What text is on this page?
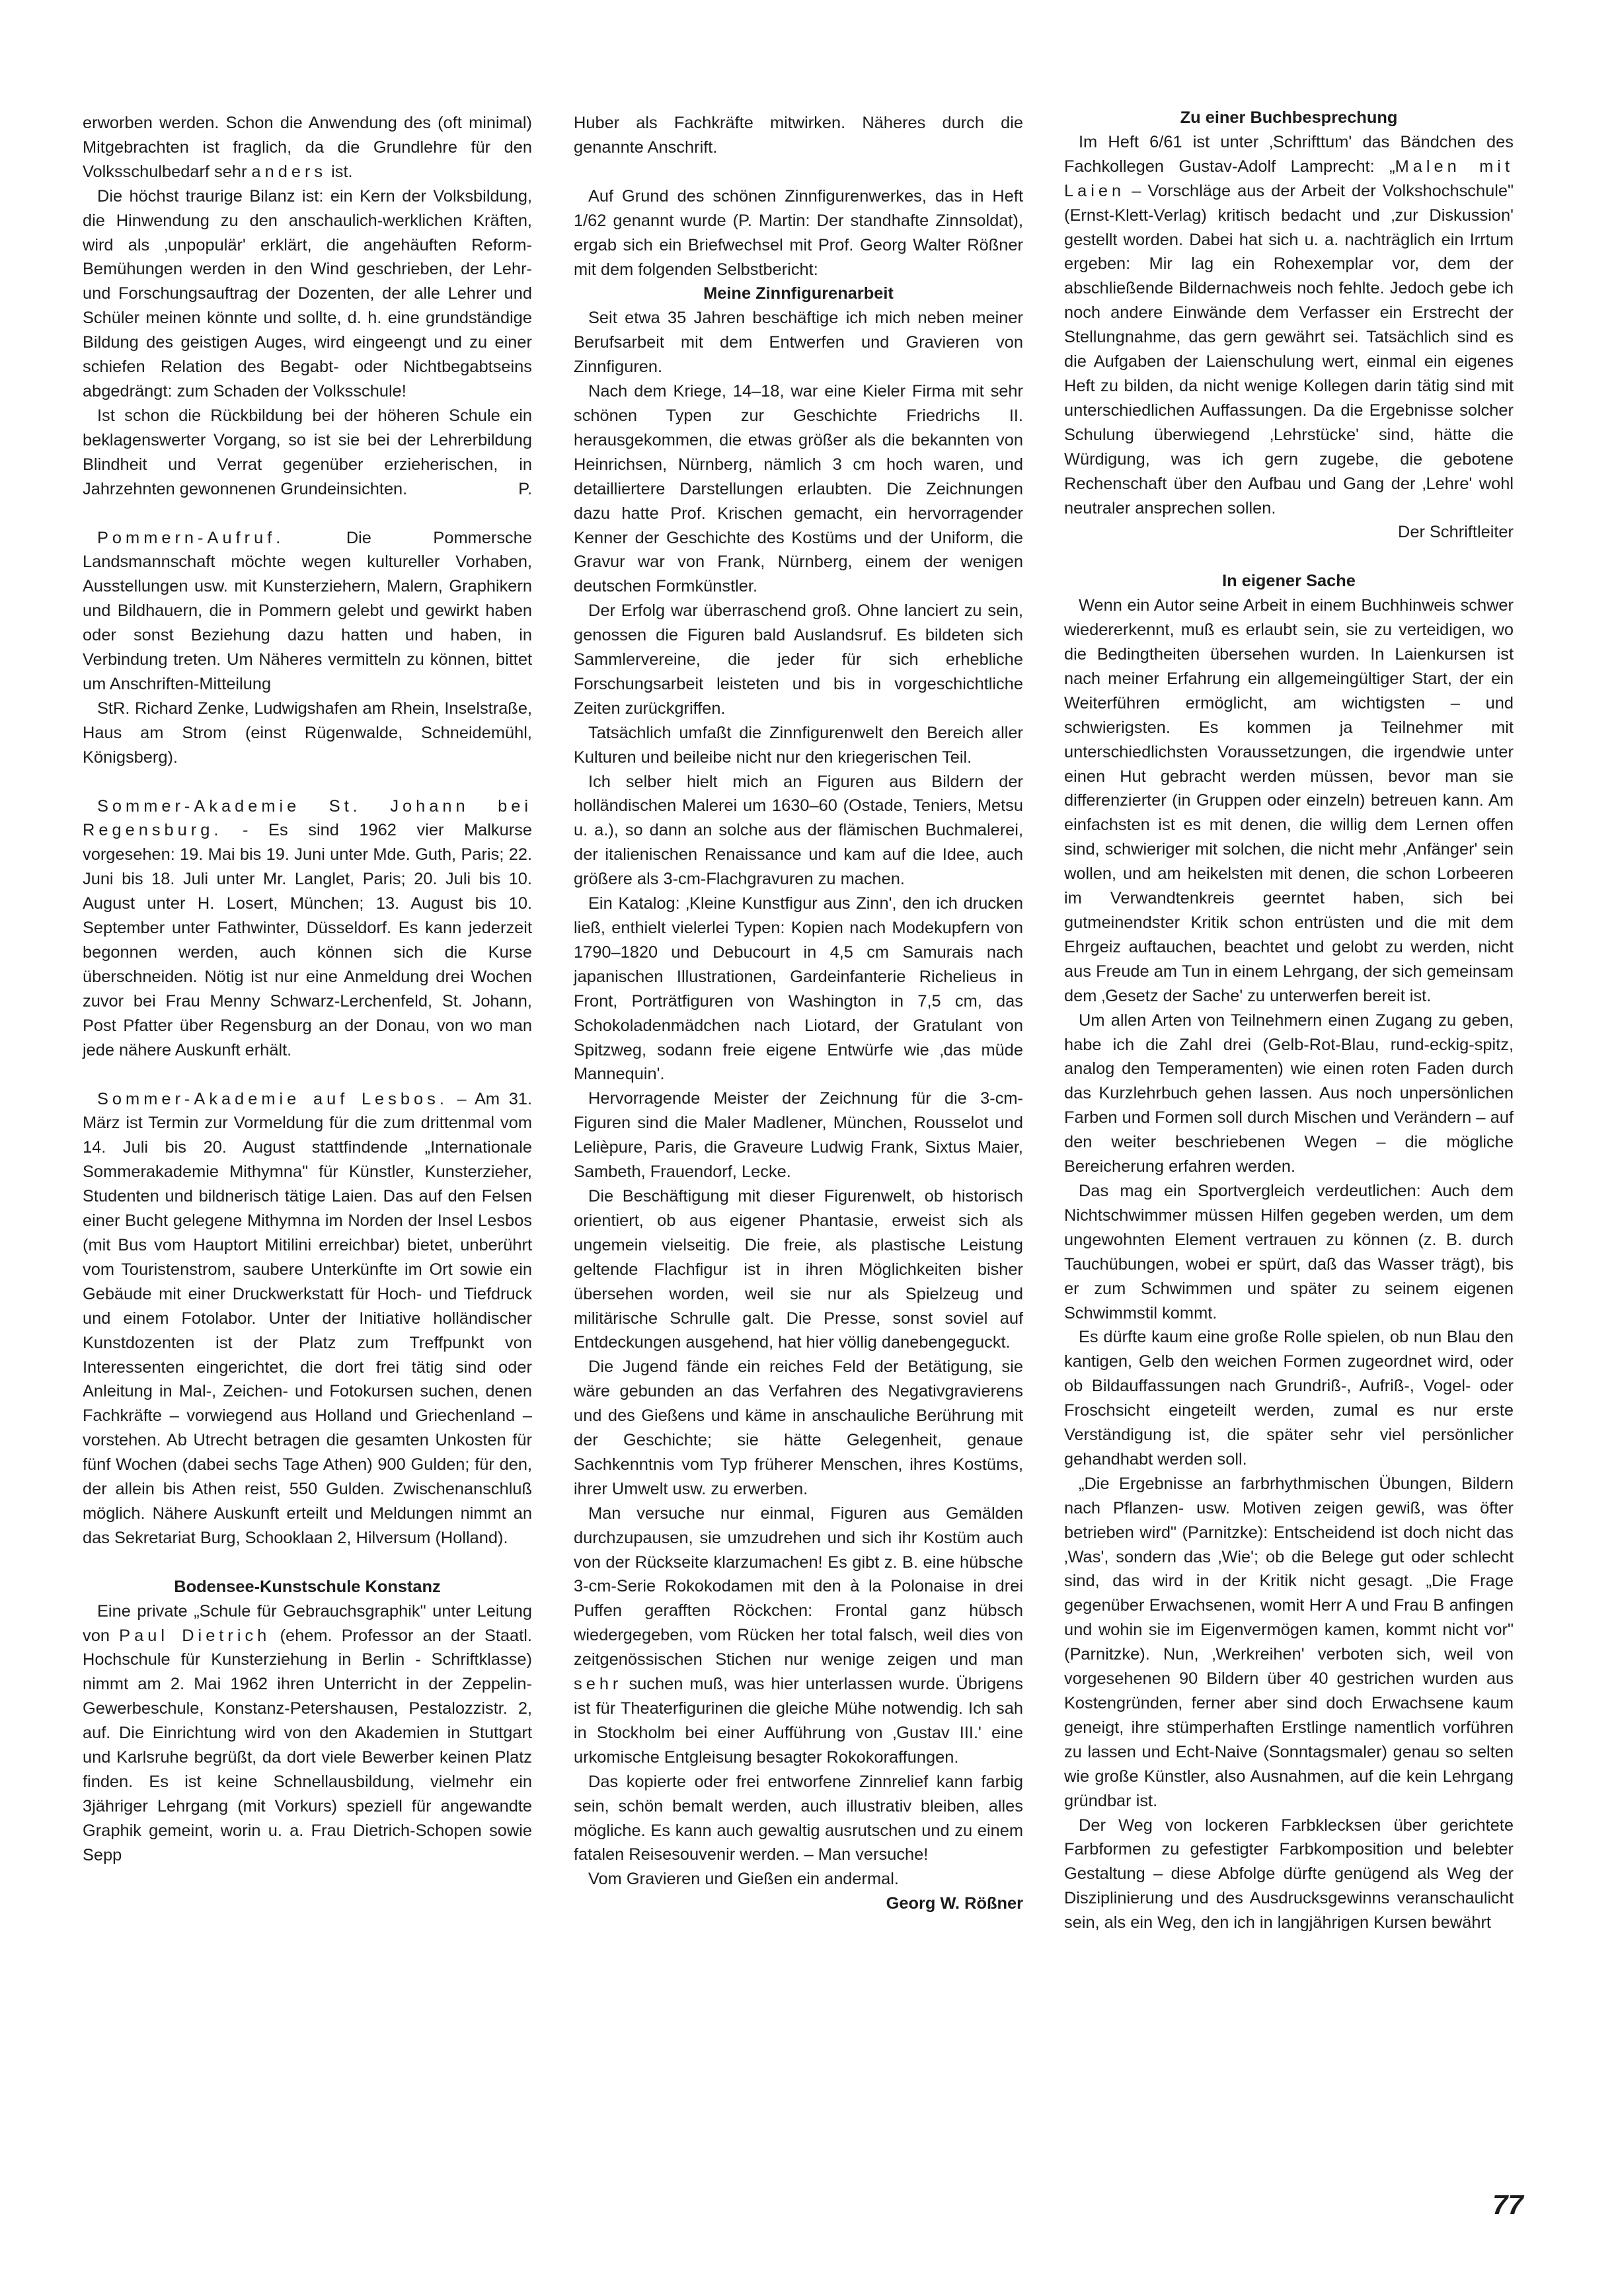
erworben werden. Schon die Anwendung des (oft minimal) Mitgebrachten ist fraglich, da die Grundlehre für den Volksschulbedarf sehr anders ist.

Die höchst traurige Bilanz ist: ein Kern der Volksbildung, die Hinwendung zu den anschaulich-werklichen Kräften, wird als ‚unpopulär' erklärt, die angehäuften Reform-Bemühungen werden in den Wind geschrieben, der Lehr- und Forschungsauftrag der Dozenten, der alle Lehrer und Schüler meinen könnte und sollte, d. h. eine grundständige Bildung des geistigen Auges, wird eingeengt und zu einer schiefen Relation des Begabt- oder Nichtbegabtseins abgedrängt: zum Schaden der Volksschule!

Ist schon die Rückbildung bei der höheren Schule ein beklagenswerter Vorgang, so ist sie bei der Lehrerbildung Blindheit und Verrat gegenüber erzieherischen, in Jahrzehnten gewonnenen Grundeinsichten.	P.

Pommern-Aufruf. Die Pommersche Landsmannschaft möchte wegen kultureller Vorhaben, Ausstellungen usw. mit Kunsterziehern, Malern, Graphikern und Bildhauern, die in Pommern gelebt und gewirkt haben oder sonst Beziehung dazu hatten und haben, in Verbindung treten. Um Näheres vermitteln zu können, bittet um Anschriften-Mitteilung

StR. Richard Zenke, Ludwigshafen am Rhein, Inselstraße, Haus am Strom (einst Rügenwalde, Schneidemühl, Königsberg).

Sommer-Akademie St. Johann bei Regensburg. - Es sind 1962 vier Malkurse vorgesehen: 19. Mai bis 19. Juni unter Mde. Guth, Paris; 22. Juni bis 18. Juli unter Mr. Langlet, Paris; 20. Juli bis 10. August unter H. Losert, München; 13. August bis 10. September unter Fathwinter, Düsseldorf. Es kann jederzeit begonnen werden, auch können sich die Kurse überschneiden. Nötig ist nur eine Anmeldung drei Wochen zuvor bei Frau Menny Schwarz-Lerchenfeld, St. Johann, Post Pfatter über Regensburg an der Donau, von wo man jede nähere Auskunft erhält.

Sommer-Akademie auf Lesbos. – Am 31. März ist Termin zur Vormeldung für die zum drittenmal vom 14. Juli bis 20. August stattfindende „Internationale Sommerakademie Mithymna" für Künstler, Kunsterzieher, Studenten und bildnerisch tätige Laien. Das auf den Felsen einer Bucht gelegene Mithymna im Norden der Insel Lesbos (mit Bus vom Hauptort Mitilini erreichbar) bietet, unberührt vom Touristenstrom, saubere Unterkünfte im Ort sowie ein Gebäude mit einer Druckwerkstatt für Hoch- und Tiefdruck und einem Fotolabor. Unter der Initiative holländischer Kunstdozenten ist der Platz zum Treffpunkt von Interessenten eingerichtet, die dort frei tätig sind oder Anleitung in Mal-, Zeichen- und Fotokursen suchen, denen Fachkräfte – vorwiegend aus Holland und Griechenland – vorstehen. Ab Utrecht betragen die gesamten Unkosten für fünf Wochen (dabei sechs Tage Athen) 900 Gulden; für den, der allein bis Athen reist, 550 Gulden. Zwischenanschluß möglich. Nähere Auskunft erteilt und Meldungen nimmt an das Sekretariat Burg, Schooklaan 2, Hilversum (Holland).

Bodensee-Kunstschule Konstanz

Eine private „Schule für Gebrauchsgraphik" unter Leitung von Paul Dietrich (ehem. Professor an der Staatl. Hochschule für Kunsterziehung in Berlin - Schriftklasse) nimmt am 2. Mai 1962 ihren Unterricht in der Zeppelin-Gewerbeschule, Konstanz-Petershausen, Pestalozzistr. 2, auf. Die Einrichtung wird von den Akademien in Stuttgart und Karlsruhe begrüßt, da dort viele Bewerber keinen Platz finden. Es ist keine Schnellausbildung, vielmehr ein 3jähriger Lehrgang (mit Vorkurs) speziell für angewandte Graphik gemeint, worin u. a. Frau Dietrich-Schopen sowie Sepp

Huber als Fachkräfte mitwirken. Näheres durch die genannte Anschrift.

Auf Grund des schönen Zinnfigurenwerkes, das in Heft 1/62 genannt wurde (P. Martin: Der standhafte Zinnsoldat), ergab sich ein Briefwechsel mit Prof. Georg Walter Rößner mit dem folgenden Selbstbericht:

Meine Zinnfigurenarbeit

Seit etwa 35 Jahren beschäftige ich mich neben meiner Berufsarbeit mit dem Entwerfen und Gravieren von Zinnfiguren.

Nach dem Kriege, 14–18, war eine Kieler Firma mit sehr schönen Typen zur Geschichte Friedrichs II. herausgekommen, die etwas größer als die bekannten von Heinrichsen, Nürnberg, nämlich 3 cm hoch waren, und detailliertere Darstellungen erlaubten. Die Zeichnungen dazu hatte Prof. Krischen gemacht, ein hervorragender Kenner der Geschichte des Kostüms und der Uniform, die Gravur war von Frank, Nürnberg, einem der wenigen deutschen Formkünstler.

Der Erfolg war überraschend groß. Ohne lanciert zu sein, genossen die Figuren bald Auslandsruf. Es bildeten sich Sammlervereine, die jeder für sich erhebliche Forschungsarbeit leisteten und bis in vorgeschichtliche Zeiten zurückgriffen.

Tatsächlich umfaßt die Zinnfigurenwelt den Bereich aller Kulturen und beileibe nicht nur den kriegerischen Teil.

Ich selber hielt mich an Figuren aus Bildern der holländischen Malerei um 1630–60 (Ostade, Teniers, Metsu u. a.), so dann an solche aus der flämischen Buchmalerei, der italienischen Renaissance und kam auf die Idee, auch größere als 3-cm-Flachgravuren zu machen.

Ein Katalog: ‚Kleine Kunstfigur aus Zinn', den ich drucken ließ, enthielt vielerlei Typen: Kopien nach Modekupfern von 1790–1820 und Debucourt in 4,5 cm Samurais nach japanischen Illustrationen, Gardeinfanterie Richelieus in Front, Porträtfiguren von Washington in 7,5 cm, das Schokoladenmädchen nach Liotard, der Gratulant von Spitzweg, sodann freie eigene Entwürfe wie ‚das müde Mannequin'.

Hervorragende Meister der Zeichnung für die 3-cm-Figuren sind die Maler Madlener, München, Rousselot und Lelièpure, Paris, die Graveure Ludwig Frank, Sixtus Maier, Sambeth, Frauendorf, Lecke.

Die Beschäftigung mit dieser Figurenwelt, ob historisch orientiert, ob aus eigener Phantasie, erweist sich als ungemein vielseitig. Die freie, als plastische Leistung geltende Flachfigur ist in ihren Möglichkeiten bisher übersehen worden, weil sie nur als Spielzeug und militärische Schrulle galt. Die Presse, sonst soviel auf Entdeckungen ausgehend, hat hier völlig danebengeguckt.

Die Jugend fände ein reiches Feld der Betätigung, sie wäre gebunden an das Verfahren des Negativgravierens und des Gießens und käme in anschauliche Berührung mit der Geschichte; sie hätte Gelegenheit, genaue Sachkenntnis vom Typ früherer Menschen, ihres Kostüms, ihrer Umwelt usw. zu erwerben.

Man versuche nur einmal, Figuren aus Gemälden durchzupausen, sie umzudrehen und sich ihr Kostüm auch von der Rückseite klarzumachen! Es gibt z. B. eine hübsche 3-cm-Serie Rokokodamen mit den à la Polonaise in drei Puffen gerafften Röckchen: Frontal ganz hübsch wiedergegeben, vom Rücken her total falsch, weil dies von zeitgenössischen Stichen nur wenige zeigen und man sehr suchen muß, was hier unterlassen wurde. Übrigens ist für Theaterfigurinen die gleiche Mühe notwendig. Ich sah in Stockholm bei einer Aufführung von ‚Gustav III.' eine urkomische Entgleisung besagter Rokokoraffungen.

Das kopierte oder frei entworfene Zinnrelief kann farbig sein, schön bemalt werden, auch illustrativ bleiben, alles mögliche. Es kann auch gewaltig ausrutschen und zu einem fatalen Reisesouvenir werden. – Man versuche!

Vom Gravieren und Gießen ein andermal.

Georg W. Rößner

Zu einer Buchbesprechung

Im Heft 6/61 ist unter ‚Schrifttum' das Bändchen des Fachkollegen Gustav-Adolf Lamprecht: „Malen mit Laien – Vorschläge aus der Arbeit der Volkshochschule" (Ernst-Klett-Verlag) kritisch bedacht und ‚zur Diskussion' gestellt worden. Dabei hat sich u. a. nachträglich ein Irrtum ergeben: Mir lag ein Rohexemplar vor, dem der abschließende Bildernachweis noch fehlte. Jedoch gebe ich noch andere Einwände dem Verfasser ein Erstrecht der Stellungnahme, das gern gewährt sei. Tatsächlich sind es die Aufgaben der Laienschulung wert, einmal ein eigenes Heft zu bilden, da nicht wenige Kollegen darin tätig sind mit unterschiedlichen Auffassungen. Da die Ergebnisse solcher Schulung überwiegend ‚Lehrstücke' sind, hätte die Würdigung, was ich gern zugebe, die gebotene Rechenschaft über den Aufbau und Gang der ‚Lehre' wohl neutraler ansprechen sollen.

Der Schriftleiter

In eigener Sache

Wenn ein Autor seine Arbeit in einem Buchhinweis schwer wiedererkennt, muß es erlaubt sein, sie zu verteidigen, wo die Bedingtheiten übersehen wurden. In Laienkursen ist nach meiner Erfahrung ein allgemeingültiger Start, der ein Weiterführen ermöglicht, am wichtigsten – und schwierigsten. Es kommen ja Teilnehmer mit unterschiedlichsten Voraussetzungen, die irgendwie unter einen Hut gebracht werden müssen, bevor man sie differenzierter (in Gruppen oder einzeln) betreuen kann. Am einfachsten ist es mit denen, die willig dem Lernen offen sind, schwieriger mit solchen, die nicht mehr ‚Anfänger' sein wollen, und am heikelsten mit denen, die schon Lorbeeren im Verwandtenkreis geerntet haben, sich bei gutmeinendster Kritik schon entrüsten und die mit dem Ehrgeiz auftauchen, beachtet und gelobt zu werden, nicht aus Freude am Tun in einem Lehrgang, der sich gemeinsam dem ‚Gesetz der Sache' zu unterwerfen bereit ist.

Um allen Arten von Teilnehmern einen Zugang zu geben, habe ich die Zahl drei (Gelb-Rot-Blau, rund-eckig-spitz, analog den Temperamenten) wie einen roten Faden durch das Kurzlehrbuch gehen lassen. Aus noch unpersönlichen Farben und Formen soll durch Mischen und Verändern – auf den weiter beschriebenen Wegen – die mögliche Bereicherung erfahren werden.

Das mag ein Sportvergleich verdeutlichen: Auch dem Nichtschwimmer müssen Hilfen gegeben werden, um dem ungewohnten Element vertrauen zu können (z. B. durch Tauchübungen, wobei er spürt, daß das Wasser trägt), bis er zum Schwimmen und später zu seinem eigenen Schwimmstil kommt.

Es dürfte kaum eine große Rolle spielen, ob nun Blau den kantigen, Gelb den weichen Formen zugeordnet wird, oder ob Bildauffassungen nach Grundriß-, Aufriß-, Vogel- oder Froschsicht eingeteilt werden, zumal es nur erste Verständigung ist, die später sehr viel persönlicher gehandhabt werden soll.

„Die Ergebnisse an farbrhythmischen Übungen, Bildern nach Pflanzen- usw. Motiven zeigen gewiß, was öfter betrieben wird" (Parnitzke): Entscheidend ist doch nicht das ‚Was', sondern das ‚Wie'; ob die Belege gut oder schlecht sind, das wird in der Kritik nicht gesagt. „Die Frage gegenüber Erwachsenen, womit Herr A und Frau B anfingen und wohin sie im Eigenvermögen kamen, kommt nicht vor" (Parnitzke). Nun, ‚Werkreihen' verboten sich, weil von vorgesehenen 90 Bildern über 40 gestrichen wurden aus Kostengründen, ferner aber sind doch Erwachsene kaum geneigt, ihre stümperhaften Erstlinge namentlich vorführen zu lassen und Echt-Naive (Sonntagsmaler) genau so selten wie große Künstler, also Ausnahmen, auf die kein Lehrgang gründbar ist.

Der Weg von lockeren Farbklecksen über gerichtete Farbformen zu gefestigter Farbkomposition und belebter Gestaltung – diese Abfolge dürfte genügend als Weg der Disziplinierung und des Ausdrucksgewinns veranschaulicht sein, als ein Weg, den ich in langjährigen Kursen bewährt

77
